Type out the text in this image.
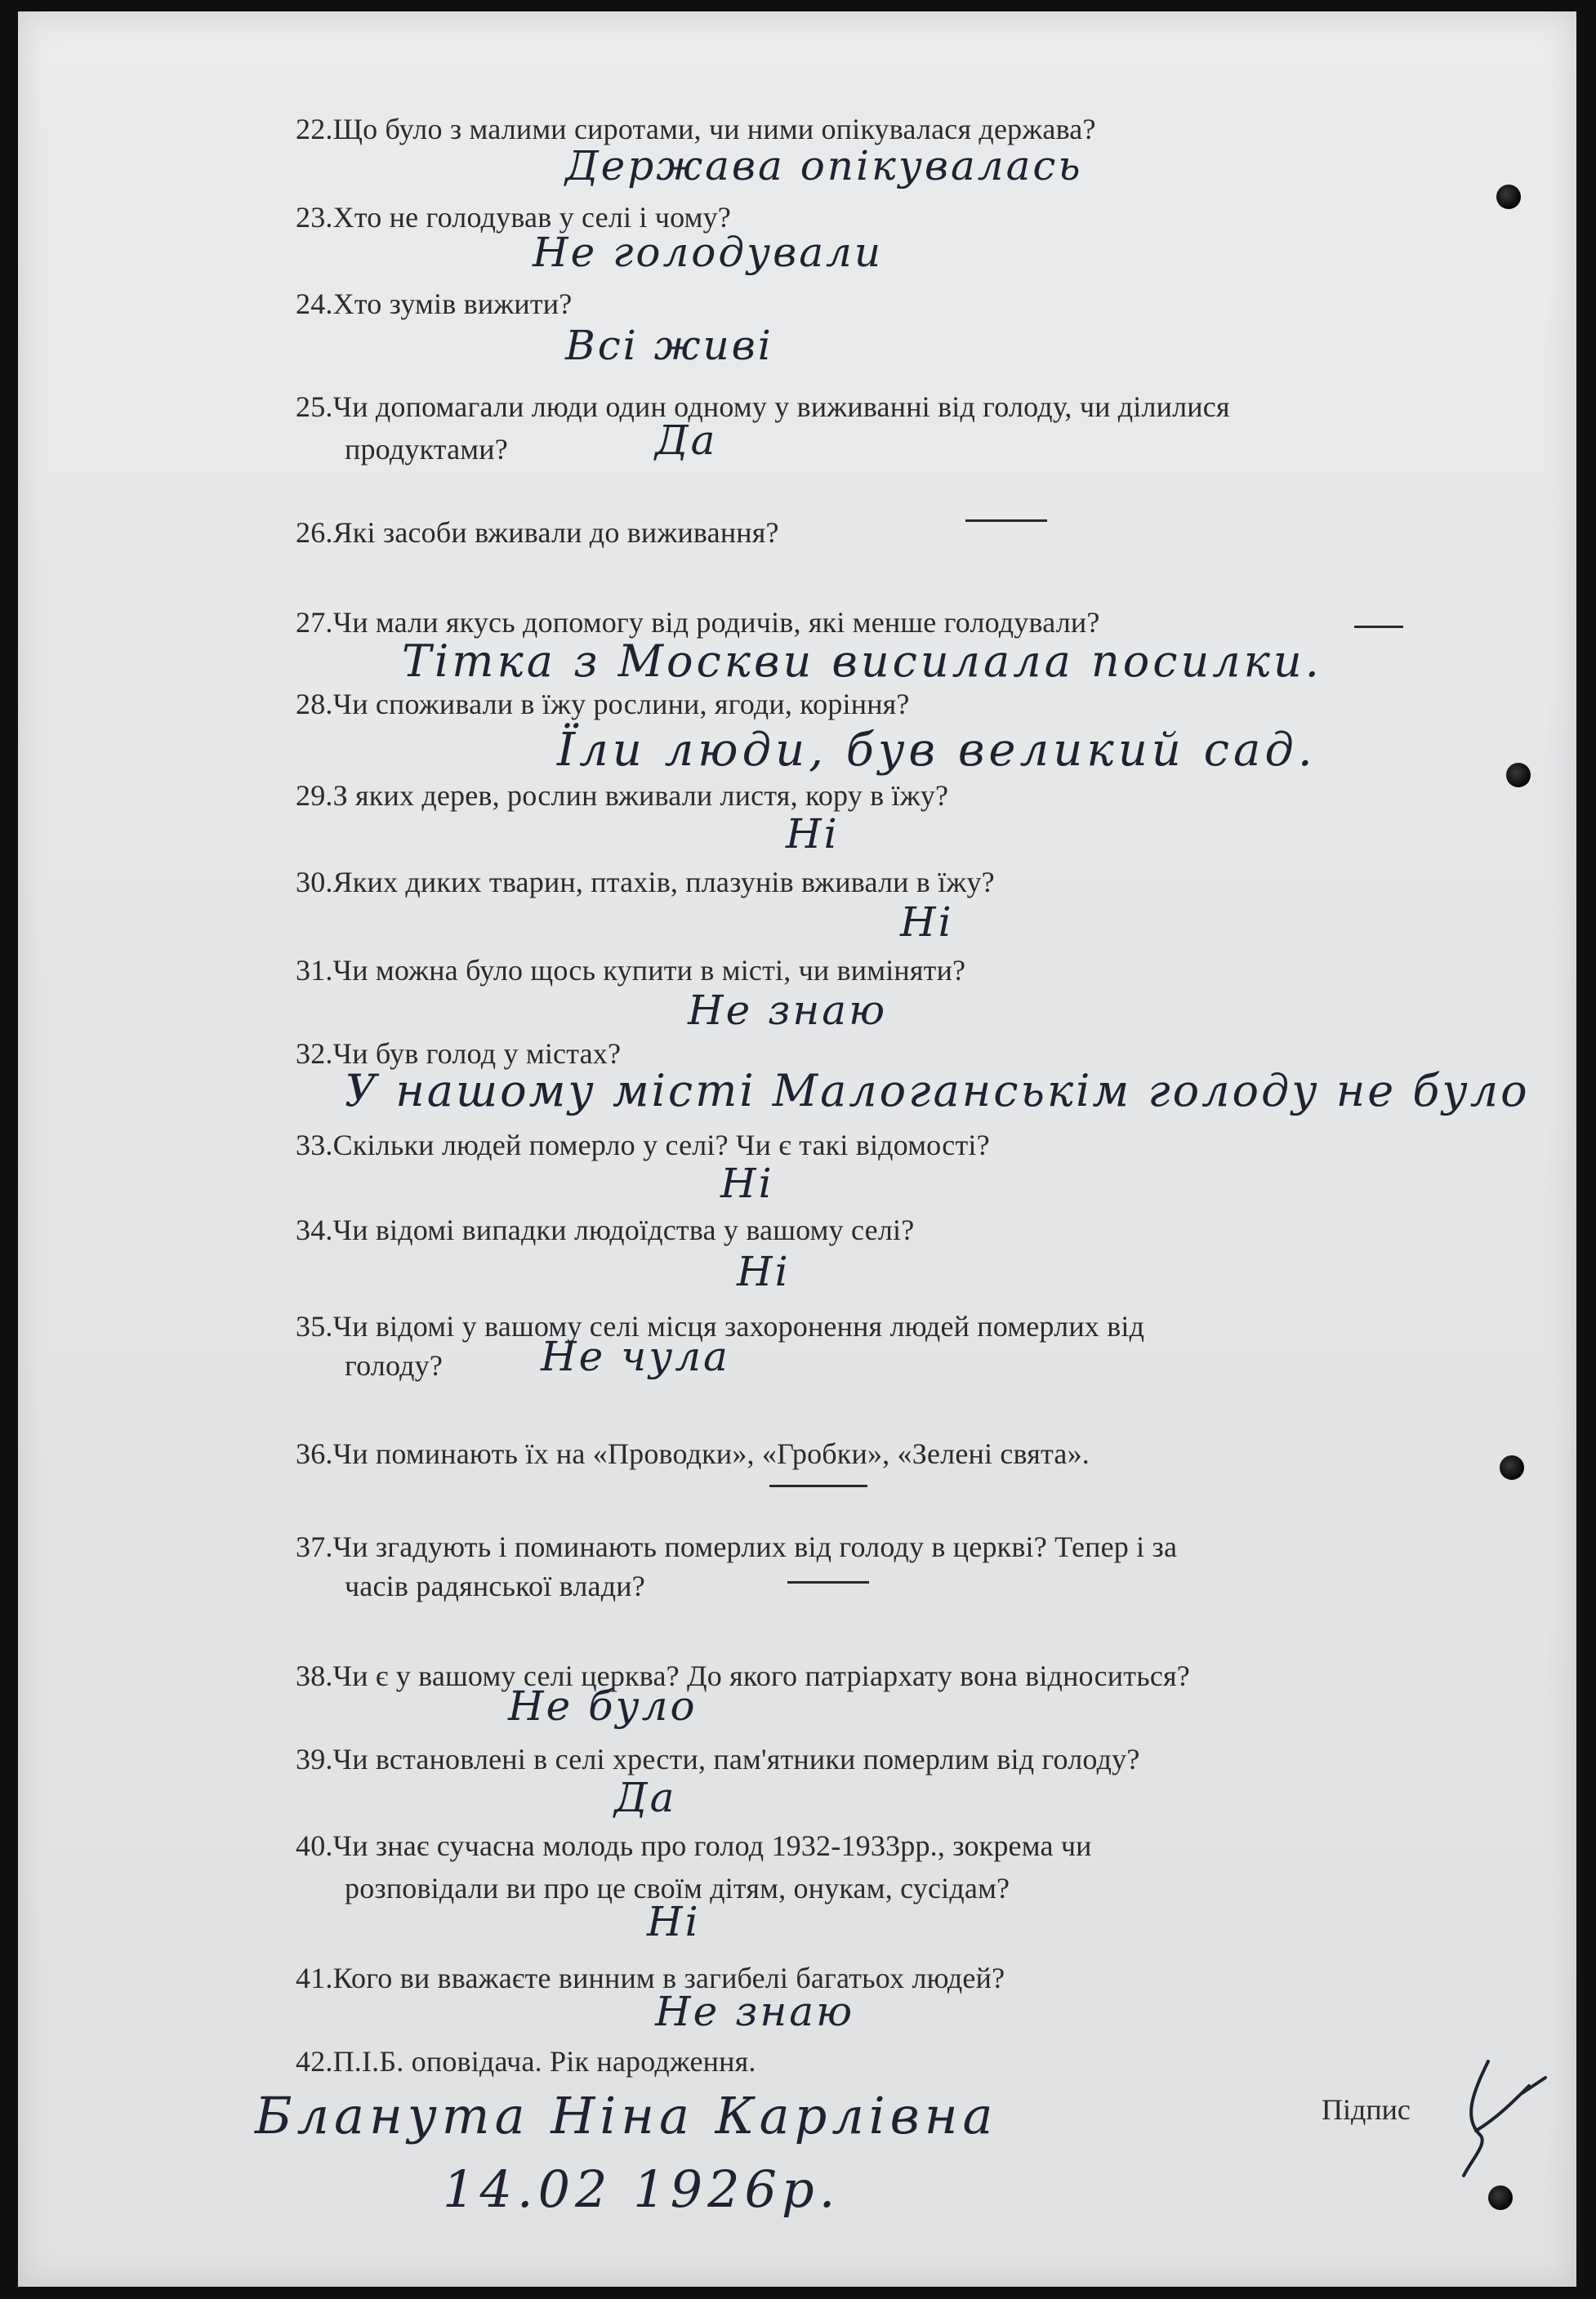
22.Що було з малими сиротами, чи ними опікувалася держава?
Держава опікувалась
23.Хто не голодував у селі і чому?
Не голодували
24.Хто зумів вижити?
Всі живі
25.Чи допомагали люди один одному у виживанні від голоду, чи ділилися
продуктами?	Да
26.Які засоби вживали до виживання?
27.Чи мали якусь допомогу від родичів, які менше голодували?
Тітка з Москви висилала посилки.
28.Чи споживали в їжу рослини, ягоди, коріння?
Їли люди, був великий сад.
29.З яких дерев, рослин вживали листя, кору в їжу?
Ні
30.Яких диких тварин, птахів, плазунів вживали в їжу?
Ні
31.Чи можна було щось купити в місті, чи виміняти?
Не знаю
32.Чи був голод у містах?
У нашому місті Малоганськім голоду не було
33.Скільки людей померло у селі? Чи є такі відомості?
Ні
34.Чи відомі випадки людоїдства у вашому селі?
Ні
35.Чи відомі у вашому селі місця захоронення людей померлих від
голоду? Не чула
36.Чи поминають їх на «Проводки», «Гробки», «Зелені свята».
37.Чи згадують і поминають померлих від голоду в церкві? Тепер і за
часів радянської влади?
38.Чи є у вашому селі церква? До якого патріархату вона відноситься?
Не було
39.Чи встановлені в селі хрести, пам'ятники померлим від голоду?
Да
40.Чи знає сучасна молодь про голод 1932-1933рр., зокрема чи
розповідали ви про це своїм дітям, онукам, сусідам?
Ні
41.Кого ви вважаєте винним в загибелі багатьох людей?
Не знаю
42.П.І.Б. оповідача. Рік народження.
Бланута Ніна Карлівна
14.02 1926р.
Підпис
